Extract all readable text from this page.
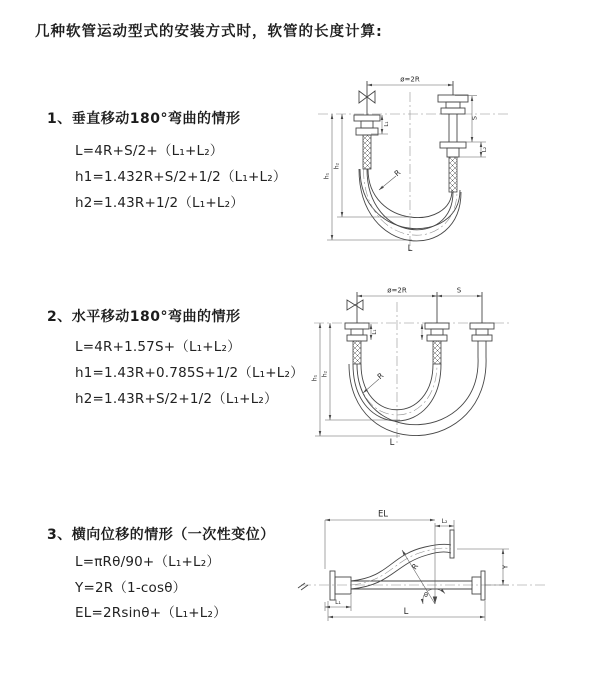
几种软管运动型式的安装方式时，软管的长度计算:
1、垂直移动180°弯曲的情形
L=4R+S/2+（L₁+L₂）
h1=1.432R+S/2+1/2（L₁+L₂）
h2=1.43R+1/2（L₁+L₂）
2、水平移动180°弯曲的情形
L=4R+1.57S+（L₁+L₂）
h1=1.43R+0.785S+1/2（L₁+L₂）
h2=1.43R+S/2+1/2（L₁+L₂）
3、横向位移的情形（一次性变位）
L=πRθ/90+（L₁+L₂）
Y=2R（1-cosθ）
EL=2Rsinθ+（L₁+L₂）
ø=2R
L₁
h₁
h₂
S
L₂
R
L
ø=2R	S
L₁
h₁
h₂	R
L
EL
L₂
Y
R
θ
L₁
L
